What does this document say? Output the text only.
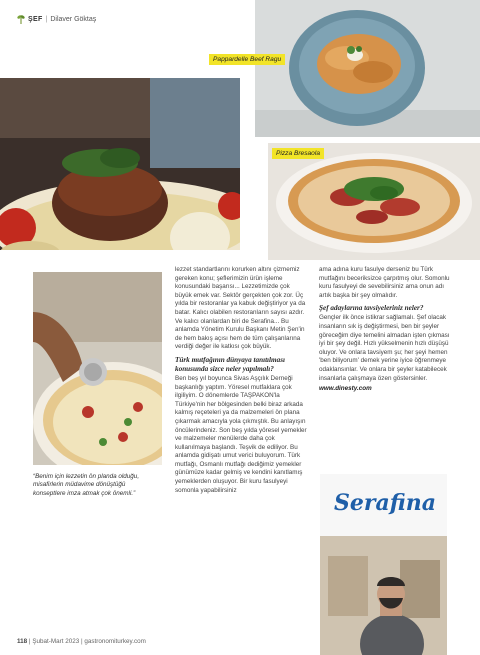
ŞEF | Dilaver Göktaş
Pappardelle Beef Ragu
Pizza Bresaola
“Benim için lezzetin ön planda olduğu, misafirlerin müdavime dönüştüğü konseptlere imza atmak çok önemli.”

lezzet standartlarını korurken altını çizmemiz gereken konu; şeflerimizin ürün işleme konusundaki başarısı... Lezzetimizde çok büyük emek var. Sektör gerçekten çok zor. Üç yılda bir restoranlar ya kabuk değiştiriyor ya da batar. Kalıcı olabilen restoranların sayısı azdır. Ve kalıcı olanlardan biri de Serafina... Bu anlamda Yönetim Kurulu Başkanı Metin Şen'in de hem bakış açısı hem de tüm çalışanlarına verdiği değer ile katkısı çok büyük.

Türk mutfağının dünyaya tanıtılması konusunda sizce neler yapılmalı?

Ben beş yıl boyunca Sivas Aşçılık Derneği başkanlığı yaptım. Yöresel mutfaklara çok ilgiliyim. O dönemlerde TAŞPAKON'la Türkiye'nin her bölgesinden belki biraz arkada kalmış reçeteleri ya da malzemeleri ön plana çıkarmak amacıyla yola çıkmıştık. Bu anlayışın öncülerindeniz. Son beş yılda yöresel yemekler ve malzemeler menülerde daha çok kullanılmaya başlandı. Teşvik de ediliyor. Bu anlamda gidişatı umut verici buluyorum. Türk mutfağı, Osmanlı mutfağı dediğimiz yemekler günümüze kadar gelmiş ve kendini kanıtlamış yemeklerden oluşuyor. Bir kuru fasulyeyi somonla yapabilirsiniz

ama adına kuru fasulye derseniz bu Türk mutfağını beceriksizce çarpıtmış olur. Somonlu kuru fasulyeyi de sevebilirsiniz ama onun adı artık başka bir şey olmalıdır.

Şef adaylarına tavsiyeleriniz neler?

Gençler ilk önce istikrar sağlamalı. Şef olacak insanların sık iş değiştirmesi, ben bir şeyler göreceğim diye temelini almadan işten çıkması iyi bir şey değil. Hızlı yükselmenin hızlı düşüşü oluyor. Ve onlara tavsiyem şu; her şeyi hemen 'ben biliyorum' demek yerine iyice öğrenmeye odaklansınlar. Ve onlara bir şeyler katabilecek insanlarla çalışmaya özen göstersinler.

www.dinesty.com
Serafina
118 | Şubat-Mart 2023 | gastronomiturkey.com
